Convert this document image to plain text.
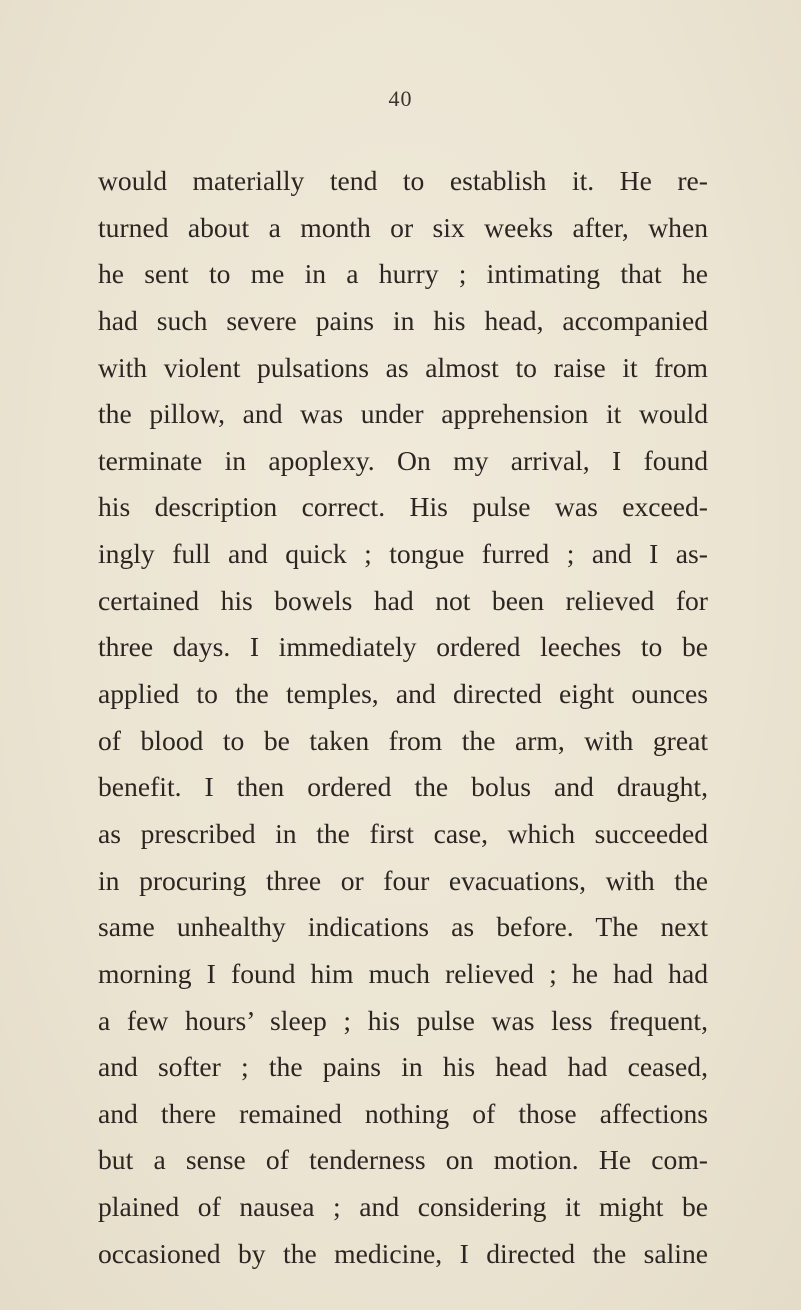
40
would materially tend to establish it. He re-
turned about a month or six weeks after, when
he sent to me in a hurry ; intimating that he
had such severe pains in his head, accompanied
with violent pulsations as almost to raise it from
the pillow, and was under apprehension it would
terminate in apoplexy. On my arrival, I found
his description correct. His pulse was exceed-
ingly full and quick ; tongue furred ; and I as-
certained his bowels had not been relieved for
three days. I immediately ordered leeches to be
applied to the temples, and directed eight ounces
of blood to be taken from the arm, with great
benefit. I then ordered the bolus and draught,
as prescribed in the first case, which succeeded
in procuring three or four evacuations, with the
same unhealthy indications as before. The next
morning I found him much relieved ; he had had
a few hours’ sleep ; his pulse was less frequent,
and softer ; the pains in his head had ceased,
and there remained nothing of those affections
but a sense of tenderness on motion. He com-
plained of nausea ; and considering it might be
occasioned by the medicine, I directed the saline
